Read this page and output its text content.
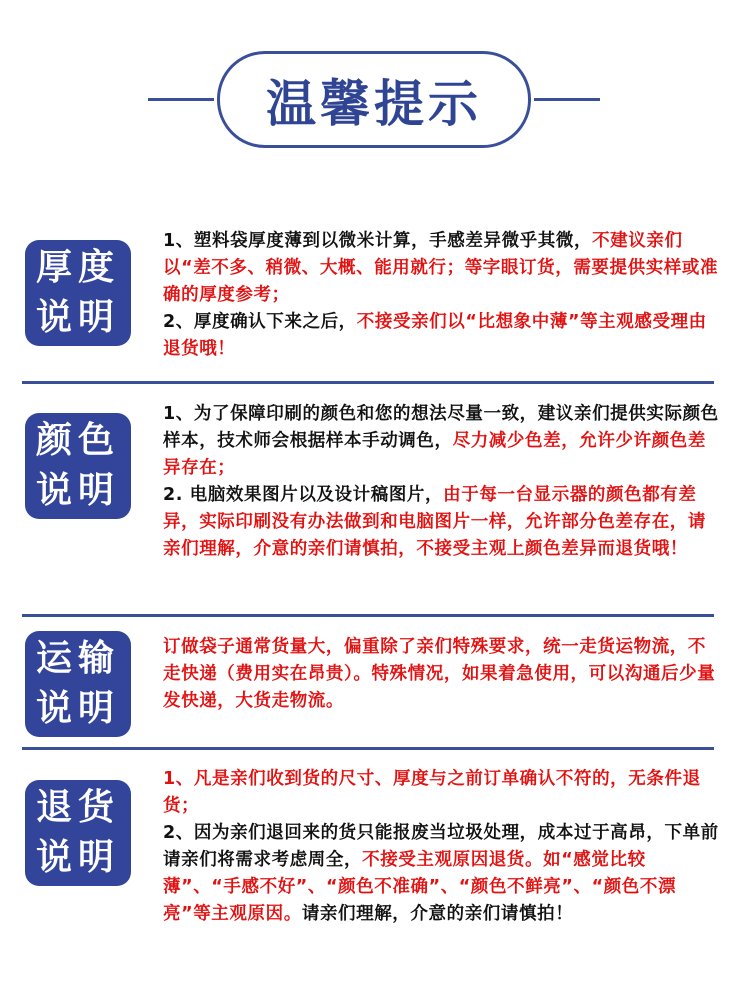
温馨提示
厚度
说明

1、塑料袋厚度薄到以微米计算，手感差异微乎其微，不建议亲们以“差不多、稍微、大概、能用就行；等字眼订货，需要提供实样或准确的厚度参考；

2、厚度确认下来之后，不接受亲们以“比想象中薄”等主观感受理由退货哦！

颜色
说明

1、为了保障印刷的颜色和您的想法尽量一致，建议亲们提供实际颜色样本，技术师会根据样本手动调色，尽力减少色差，允许少许颜色差异存在；

2. 电脑效果图片以及设计稿图片，由于每一台显示器的颜色都有差异，实际印刷没有办法做到和电脑图片一样，允许部分色差存在，请亲们理解，介意的亲们请慎拍，不接受主观上颜色差异而退货哦！

运输
说明

订做袋子通常货量大，偏重除了亲们特殊要求，统一走货运物流，不走快递（费用实在昂贵）。特殊情况，如果着急使用，可以沟通后少量发快递，大货走物流。

退货
说明

1、凡是亲们收到货的尺寸、厚度与之前订单确认不符的，无条件退货；

2、因为亲们退回来的货只能报废当垃圾处理，成本过于高昂，下单前请亲们将需求考虑周全，不接受主观原因退货。如“感觉比较薄”、“手感不好”、“颜色不准确”、“颜色不鲜亮”、“颜色不漂亮”等主观原因。请亲们理解，介意的亲们请慎拍！
